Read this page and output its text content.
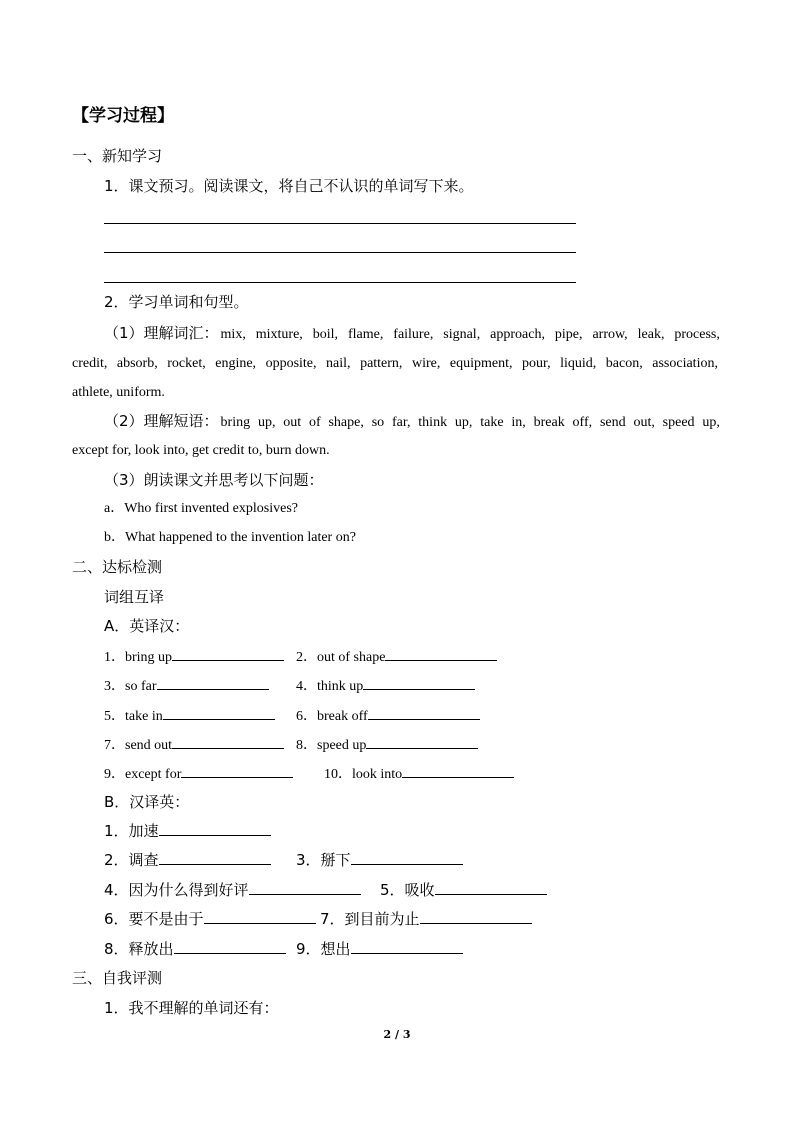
【学习过程】
一、新知学习
1．课文预习。阅读课文，将自己不认识的单词写下来。
2．学习单词和句型。
（1）理解词汇： mix, mixture, boil, flame, failure, signal, approach, pipe, arrow, leak, process,
credit, absorb, rocket, engine, opposite, nail, pattern, wire, equipment, pour, liquid, bacon, association,
athlete, uniform.
（2）理解短语： bring up, out of shape, so far, think up, take in, break off, send out, speed up,
except for, look into, get credit to, burn down.
（3）朗读课文并思考以下问题：
a．Who first invented explosives?
b．What happened to the invention later on?
二、达标检测
词组互译
A．英译汉：
1．bring up	2．out of shape
3．so far	4．think up
5．take in	6．break off
7．send out	8．speed up
9．except for	10．look into
B．汉译英：
1．加速
2．调查	3．掰下
4．因为什么得到好评	5．吸收
6．要不是由于	7．到目前为止
8．释放出	9．想出
三、自我评测
1．我不理解的单词还有：
2 / 3
